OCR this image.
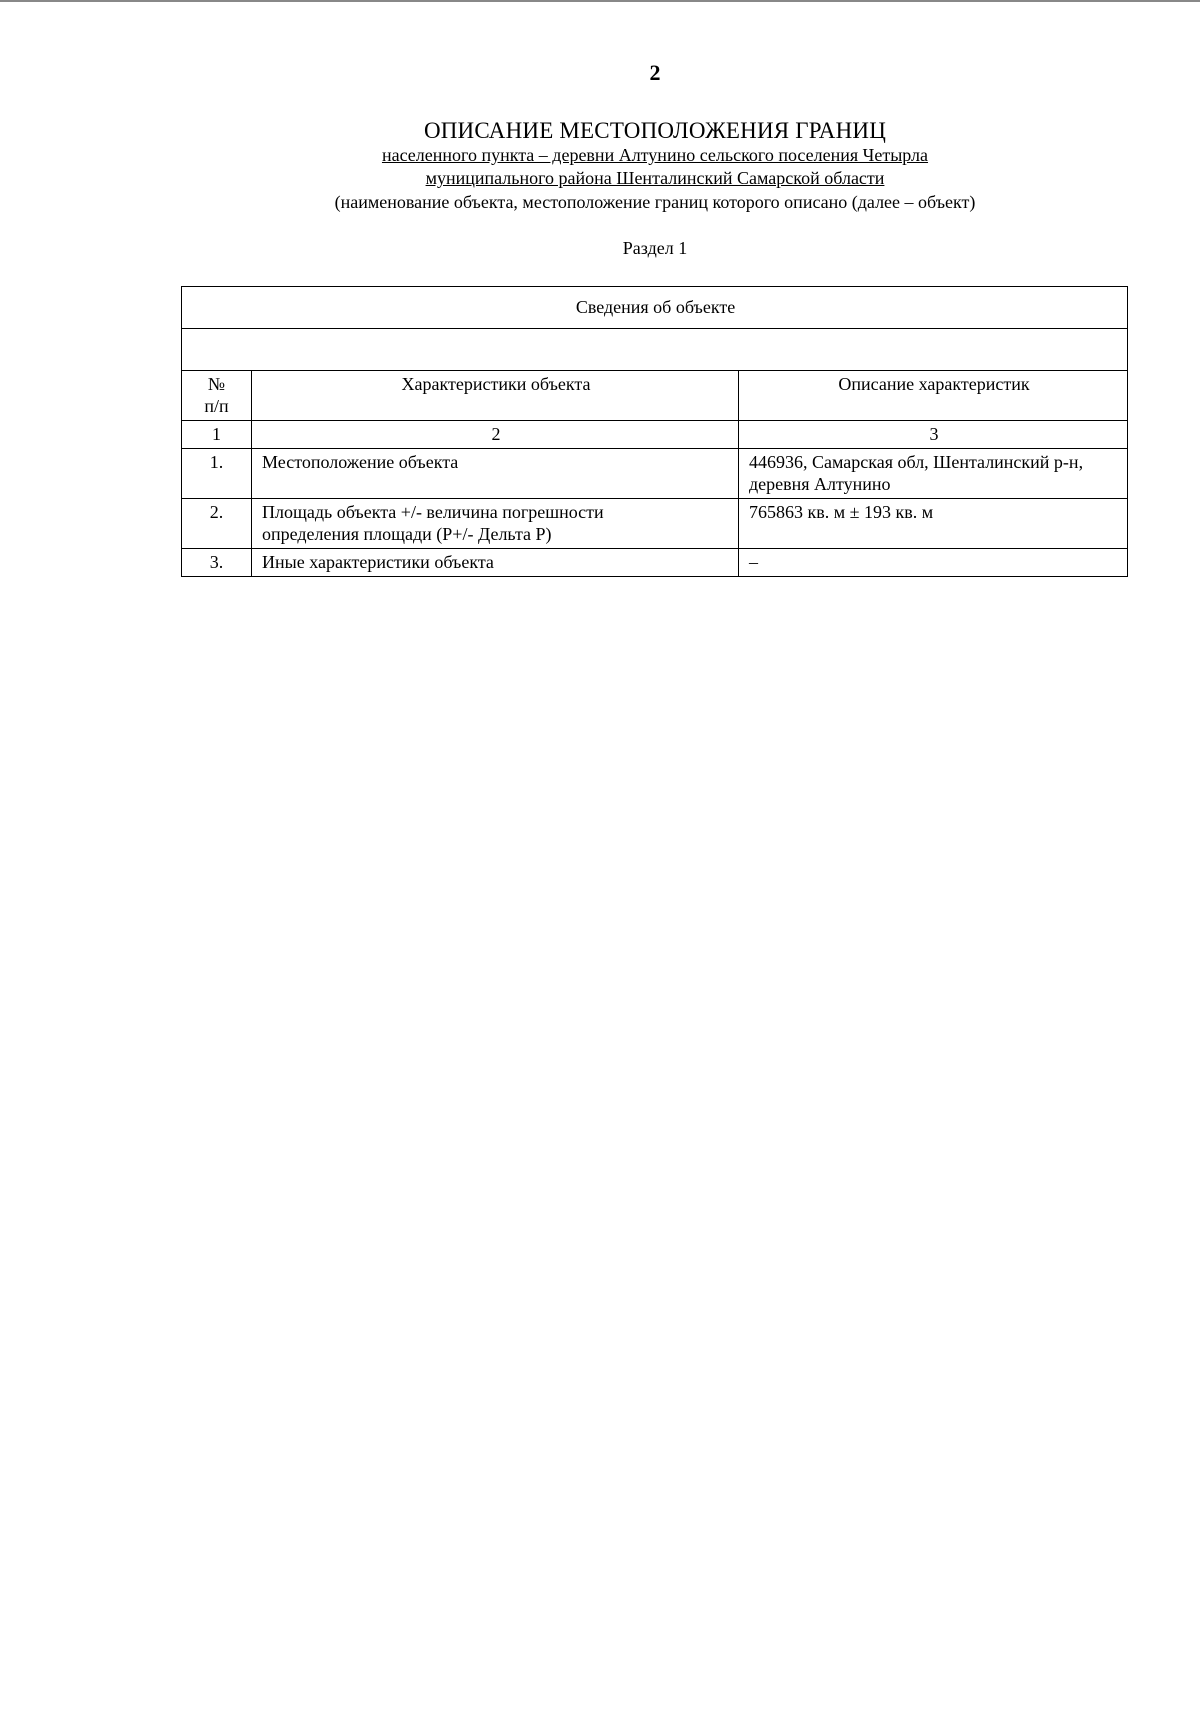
2
ОПИСАНИЕ МЕСТОПОЛОЖЕНИЯ ГРАНИЦ
населенного пункта – деревни Алтунино сельского поселения Четырла
муниципального района Шенталинский Самарской области
(наименование объекта, местоположение границ которого описано (далее – объект)
Раздел 1
Сведения об объекте		

№ п/п	Характеристики объекта	Описание характеристик
1	2	3
1.	Местоположение объекта	446936, Самарская обл, Шенталинский р-н, деревня Алтунино
2.	Площадь объекта +/- величина погрешности определения площади (Р+/- Дельта Р)	765863 кв. м ± 193 кв. м
3.	Иные характеристики объекта	–
